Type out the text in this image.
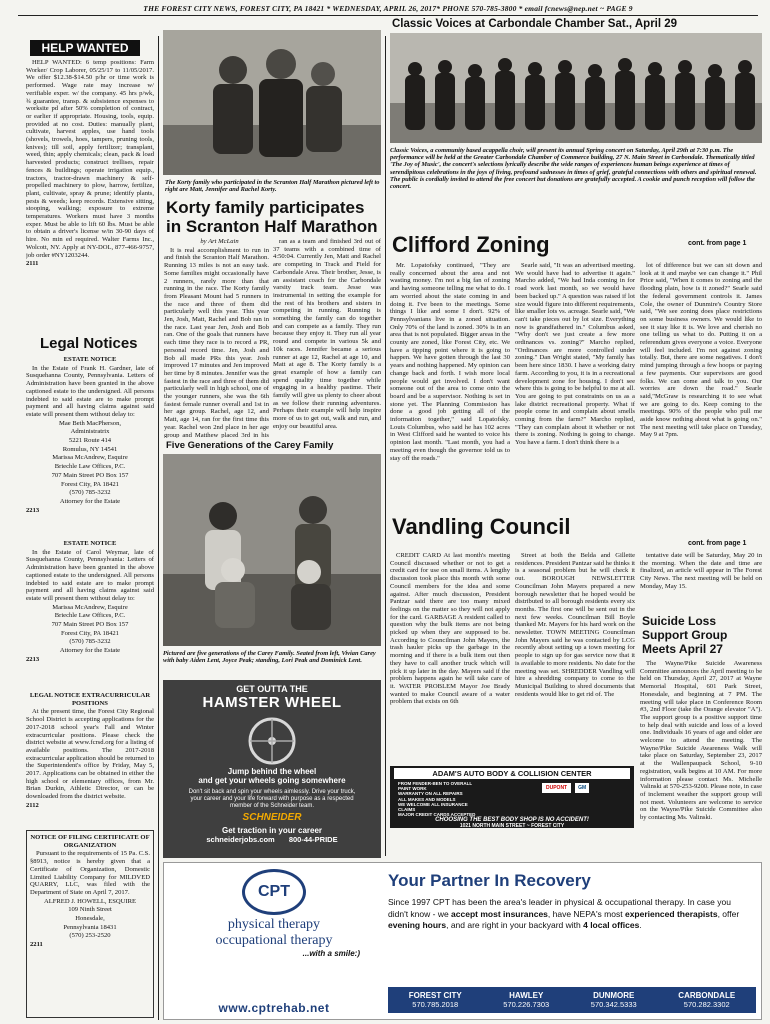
THE FOREST CITY NEWS, FOREST CITY, PA 18421 * WEDNESDAY, APRIL 26, 2017* PHONE 570-785-3800 * email fcnews@nep.net ~ PAGE 9
HELP WANTED

HELP WANTED: 6 temp positions: Farm Worker/ Crop Laborer, 05/25/17 to 11/05/2017. We offer $12.38-$14.50 p/hr or time work is performed. Wage rate may increase w/ verifiable exper. w/ the company. 45 hrs p/wk, ¾ guarantee, transp. & subsistence expenses to worksite pd after 50% completion of contract, or earlier if appropriate. Housing, tools, equip. provided at no cost. Duties: manually plant, cultivate, harvest apples, use hand tools (shovels, trowels, hoes, tampers, pruning tools, knives); till soil, apply fertilizer; transplant, weed, thin; apply chemicals; clean, pack & load harvested products; construct trellises, repair fences & buildings; operate irrigation equip., tractors, tractor-drawn machinery & self-propelled machinery to plow, harrow, fertilize, plant, cultivate, spray & prune; identify plants, pests & weeds; keep records. Extensive sitting, stooping, walking; exposure to extreme temperatures. Workers must have 3 months exper. Must be able to lift 60 lbs. Must be able to obtain a driver's license w/in 30-90 days of hire. No min ed required. Walter Farms Inc., Wolcott, NY. Apply at NY-DOL, 877-466-9757, job order #NY1203244.

2111

Legal Notices

ESTATE NOTICE

In the Estate of Frank H. Gardner, late of Susquehanna County, Pennsylvania. Letters of Administration have been granted in the above captioned estate to the undersigned. All persons indebted to said estate are to make prompt payment and all having claims against said estate will present them without delay to:

Mae Beth MacPherson,

Administratrix

5221 Route 414

Romulus, NY 14541

Marissa McAndrew, Esquire

Briechle Law Offices, P.C.

707 Main Street PO Box 157

Forest City, PA 18421

(570) 785-3232

Attorney for the Estate

2213

ESTATE NOTICE

In the Estate of Carol Weymar, late of Susquehanna County, Pennsylvania: Letters of Administration have been granted in the above captioned estate to the undersigned. All persons indebted to said estate are to make prompt payment and all having claims against said estate will present them without delay to:

Marissa McAndrew, Esquire

Briechle Law Offices, P.C.

707 Main Street PO Box 157

Forest City, PA 18421

(570) 785-3232

Attorney for the Estate

2213

LEGAL NOTICE EXTRACURRICULAR POSITIONS

At the present time, the Forest City Regional School District is accepting applications for the 2017-2018 school year's Fall and Winter extracurricular positions. Please check the district website at www.fcrsd.org for a listing of available positions. The 2017-2018 extracurricular application should be returned to the Superintendent's office by Friday, May 5, 2017. Applications can be obtained in either the high school or elementary offices, from Mr. Brian Durkin, Athletic Director, or can be downloaded from the district website.

2112

NOTICE OF FILING CERTIFICATE OF ORGANIZATION

Pursuant to the requirements of 15 Pa. C.S. §8913, notice is hereby given that a Certificate of Organization, Domestic Limited Liability Company for MILDVED QUARRY, LLC, was filed with the Department of State on April 7, 2017.

ALFRED J. HOWELL, ESQUIRE

109 Ninth Street

Honesdale,

Pennsylvania 18431

(570) 253-2520

2211

The Korty family who participated in the Scranton Half Marathon pictured left to right are Matt, Jennifer and Rachel Korty.
Korty family participates
in Scranton Half Marathon

by Art McLain

It is real accomplishment to run in and finish the Scranton Half Marathon. Running 13 miles is not an easy task. Some families might occasionally have 2 runners, rarely more than that running in the race. The Korty family from Pleasant Mount had 5 runners in the race and three of them did particularly well this year. This year Jen, Josh, Matt, Rachel and Bob ran in the race. Last year Jen, Josh and Bob ran. One of the goals that runners have each time they race is to record a PR, personal record time. Jen, Josh and Bob all made PRs this year. Josh improved 17 minutes and Jen improved her time by 8 minutes. Jennifer was the fastest in the race and three of them did particularly well in high school, one of the younger runners, she was the 6th fastest female runner overall and 1st in her age group. Rachel, age 12, and Matt, age 14, ran for the first time this year. Rachel won 2nd place in her age group and Matthew placed 3rd in his

ran as a team and finished 3rd out of 37 teams with a combined time of 4:50:04. Currently Jen, Matt and Rachel are competing in Track and Field for Carbondale Area. Their brother, Jesse, is an assistant coach for the Carbondale varsity track team. Jesse was instrumental in setting the example for the rest of his brothers and sisters in competing in running. Running is something the family can do together and can compete as a family. They run because they enjoy it. They run all year round and compete in various 5k and 10k races. Jennifer became a serious runner at age 12, Rachel at age 10, and Matt at age 8. The Korty family is a great example of how a family can spend quality time together while engaging in a healthy pastime. Their family will give us plenty to cheer about as we follow their running adventures. Perhaps their example will help inspire more of us to get out, walk and run, and enjoy our beautiful area.

Five Generations of the Carey Family
Pictured are five generations of the Carey Family. Seated from left, Vivian Carey with baby Aiden Lent, Joyce Peak; standing, Lori Peak and Dominick Lent.
GET OUTTA THE
HAMSTER WHEEL
Jump behind the wheel
and get your wheels going somewhere
Don't sit back and spin your wheels aimlessly. Drive your truck, your career and your life forward with purpose as a respected member of the Schneider team.
SCHNEIDER
Get traction in your career
schneiderjobs.com 800-44-PRIDE
Classic Voices at Carbondale Chamber Sat., April 29
Classic Voices, a community based acappella choir, will present its annual Spring concert on Saturday, April 29th at 7:30 p.m. The performance will be held at the Greater Carbondale Chamber of Commerce building, 27 N. Main Street in Carbondale. Thematically titled 'The Joy of Music', the concert's selections lyrically describe the wide ranges of experiences human beings experience at times of serendipitous celebrations in the joys of living, profound sadnesses in times of grief, grateful connections with others and spiritual renewal. The public is cordially invited to attend the free concert but donations are gratefully accepted. A cookie and punch reception will follow the concert.
Clifford Zoning	cont. from page 1

Mr. Lopatofsky continued, "They are really concerned about the area and not wasting money. I'm not a big fan of zoning and having someone telling me what to do. I am worried about the state coming in and doing it. I've been to the meetings. Some things I like and some I don't. 92% of Pennsylvanians live in a zoned situation. Only 70% of the land is zoned. 30% is in an area that is not populated. Bigger areas in the county are zoned, like Forest City, etc. We have a tipping point where it is going to happen. We have gotten through the last 30 years and nothing happened. My opinion can change back and forth. I wish more local people would get involved. I don't want someone out of the area to come onto the board and be a supervisor. Nothing is set in stone yet. The Planning Commission has done a good job getting all of the information together," said Lopatofsky. Louis Columbus, who said he has 102 acres in West Clifford said he wanted to voice his opinion last month. "Last month, you had a meeting even though the governor told us to stay off the roads."

Searle said, "It was an advertised meeting. We would have had to advertise it again." Marcho added, "We had Inda coming in for road work last month, so we would have been backed up." A question was raised if lot size would figure into different requirements, like smaller lots vs. acreage. Searle said, "We can't take pieces out by lot size. Everything now is grandfathered in." Columbus asked, "Why don't we just create a few more ordinances vs. zoning?" Marcho replied, "Ordinances are more controlled under zoning." Dan Wright stated, "My family has been here since 1830. I have a working dairy farm. According to you, it is in a recreational development zone for housing. I don't see where this is going to be helpful to me at all. You are going to put constraints on us as a lake district recreational property. What if people come in and complain about smells coming from the farm?" Marcho replied, "They can complain about it whether or not there is zoning. Nothing is going to change. You have a farm. I don't think there is a

lot of difference but we can sit down and look at it and maybe we can change it." Phil Price said, "When it comes to zoning and the flooding plain, how is it zoned?" Searle said the federal government controls it. James Cole, the owner of Dunmire's Country Store said, "We see zoning does place restrictions on some business owners. We would like to see it stay like it is. We love and cherish no one telling us what to do. Putting it on a referendum gives everyone a voice. Everyone will feel included. I'm not against zoning totally. But, there are some negatives. I don't mind jumping through a few hoops or paying a few payments. Our supervisors are good folks. We can come and talk to you. Our worries are down the road." Searle said,"McGraw is researching it to see what we are going to do. Keep coming to the meetings. 90% of the people who pull me aside know nothing about what is going on." The next meeting will take place on Tuesday, May 9 at 7pm.

Vandling Council
cont. from page 1

CREDIT CARD At last month's meeting Council discussed whether or not to get a credit card for use on small items. A lengthy discussion took place this month with some Council members for the idea and some against. After much discussion, President Pantzar said there are too many mixed feelings on the matter so they will not apply for the card. GARBAGE A resident called to question why the bulk items are not being picked up when they are supposed to be. According to Councilman John Mayers, the trash hauler picks up the garbage in the morning and if there is a bulk item out then they have to call another truck which will pick it up later in the day. Mayers said if the problem happens again he will take care of it. WATER PROBLEM Mayor Joe Brady wanted to make Council aware of a water problem that exists on 6th

Street at both the Belda and Gillette residences. President Pantzar said he thinks it is a seasonal problem but he will check it out. BOROUGH NEWSLETTER Councilman John Mayers prepared a new borough newsletter that he hoped would be distributed to all borough residents every six months. The first one will be sent out in the next few weeks. Councilman Bill Boyle thanked Mr. Mayers for his hard work on the newsletter. TOWN MEETING Councilman John Mayers said he was contacted by LCG recently about setting up a town meeting for people to sign up for gas service now that it is available to more residents. No date for the meeting was set. SHREDDER Vandling will hire a shredding company to come to the Municipal Building to shred documents that residents would like to get rid of. The

tentative date will be Saturday, May 20 in the morning. When the date and time are finalized, an article will appear in The Forest City News. The next meeting will be held on Monday, May 15.

Suicide Loss Support Group Meets April 27

The Wayne/Pike Suicide Awareness Committee announces the April meeting to be held on Thursday, April 27, 2017 at Wayne Memorial Hospital, 601 Park Street, Honesdale, and beginning at 7 PM. The meeting will take place in Conference Room #3, 2nd Floor (take the Orange elevator "A"). The support group is a positive support time to help deal with suicide and loss of a loved one. Individuals 16 years of age and older are welcome to attend the meeting. The Wayne/Pike Suicide Awareness Walk will take place on Saturday, September 23, 2017 at the Wallenpaupack School, 9-10 registration, walk begins at 10 AM. For more information please contact Ms. Michelle Valinski at 570-253-9200. Please note, in case of inclement weather the support group will not meet. Volunteers are welcome to service on the Wayne/Pike Suicide Committee also by contacting Ms. Valinski.

ADAM'S AUTO BODY & COLLISION CENTER
FROM FENDER-BEN TO OVERALL
PAINT WORK
WARRANTY ON ALL REPAIRS
ALL MAKES AND MODELS
WE WELCOME ALL INSURANCE
CLAIMS
MAJOR CREDIT CARDS ACCEPTED
DUPONT	GM
CHOOSING THE BEST BODY SHOP IS NO ACCIDENT!
1021 NORTH MAIN STREET ~ FOREST CITY
CPT
physical therapy
occupational therapy
...with a smile:)
www.cptrehab.net
Your Partner In Recovery
Since 1997 CPT has been the area's leader in physical & occupational therapy. In case you didn't know - we accept most insurances, have NEPA's most experienced therapists, offer evening hours, and are right in your backyard with 4 local offices.
FOREST CITY
570.785.2018
HAWLEY
570.226.7303
DUNMORE
570.342.5333
CARBONDALE
570.282.3302
